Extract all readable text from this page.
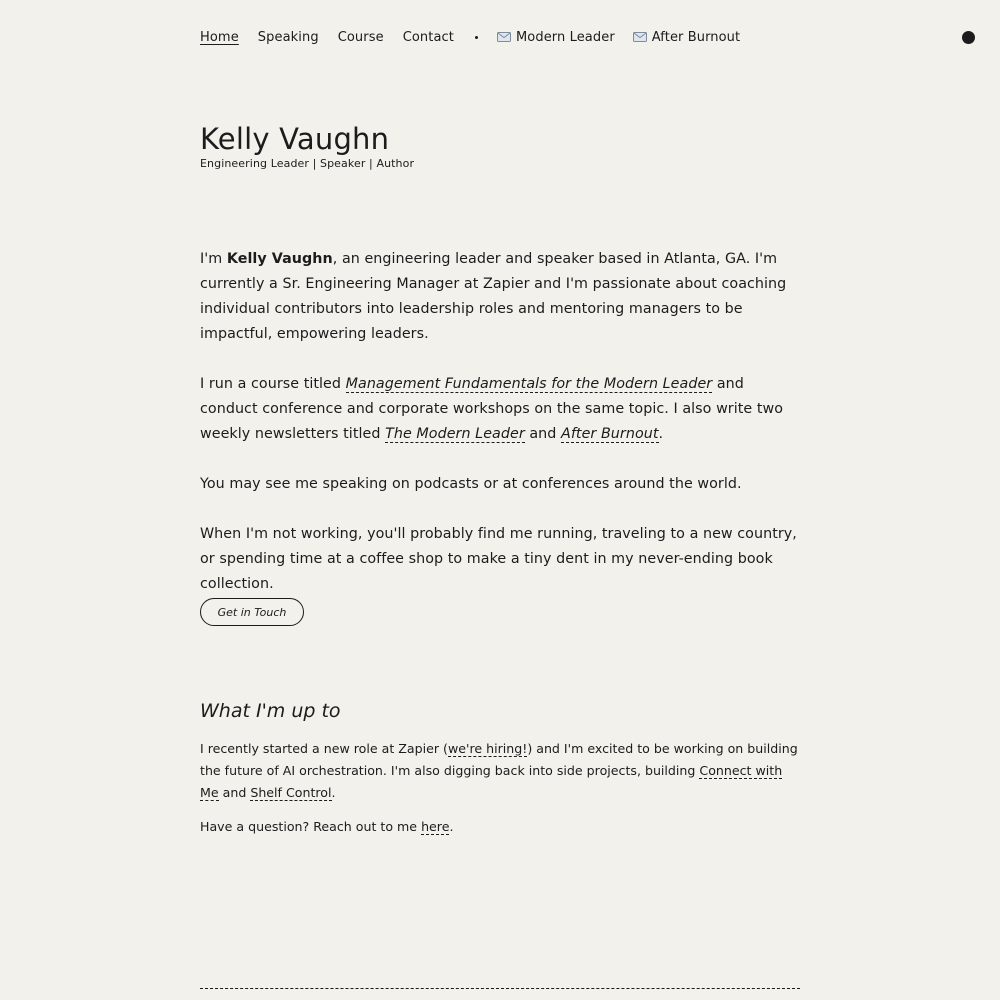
Home Speaking Course Contact	Modern Leader	After Burnout
Kelly Vaughn
Engineering Leader | Speaker | Author

I'm Kelly Vaughn, an engineering leader and speaker based in Atlanta, GA. I'm currently a Sr. Engineering Manager at Zapier and I'm passionate about coaching individual contributors into leadership roles and mentoring managers to be impactful, empowering leaders.

I run a course titled Management Fundamentals for the Modern Leader and conduct conference and corporate workshops on the same topic. I also write two weekly newsletters titled The Modern Leader and After Burnout.

You may see me speaking on podcasts or at conferences around the world.

When I'm not working, you'll probably find me running, traveling to a new country, or spending time at a coffee shop to make a tiny dent in my never-ending book collection.

Get in Touch
What I'm up to

I recently started a new role at Zapier (we're hiring!) and I'm excited to be working on building the future of AI orchestration. I'm also digging back into side projects, building Connect with Me and Shelf Control.

Have a question? Reach out to me here.
